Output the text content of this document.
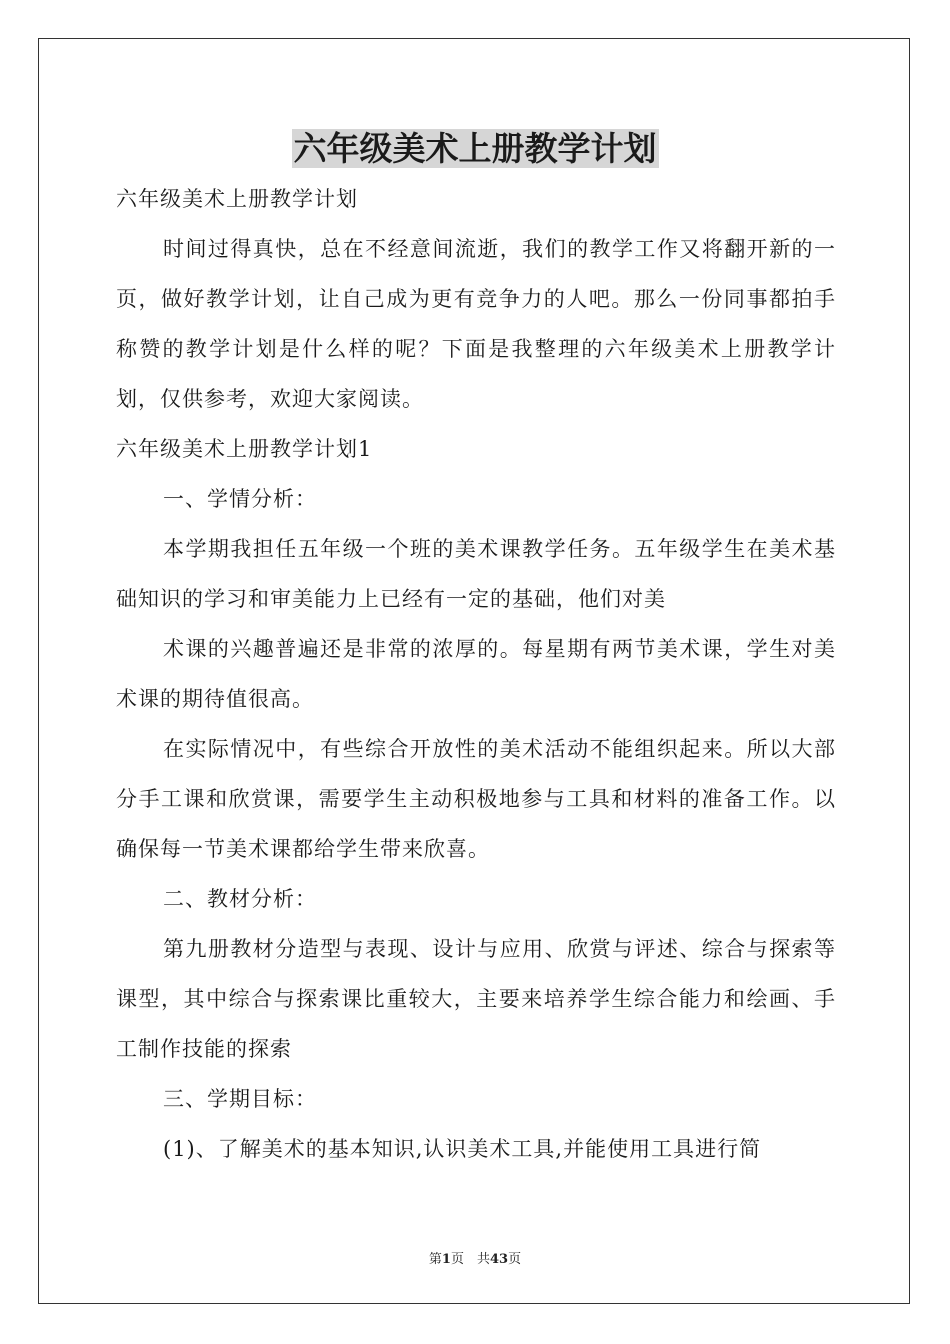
六年级美术上册教学计划

六年级美术上册教学计划

时间过得真快，总在不经意间流逝，我们的教学工作又将翻开新的一页，做好教学计划，让自己成为更有竞争力的人吧。那么一份同事都拍手称赞的教学计划是什么样的呢？下面是我整理的六年级美术上册教学计划，仅供参考，欢迎大家阅读。

六年级美术上册教学计划1

一、学情分析：

本学期我担任五年级一个班的美术课教学任务。五年级学生在美术基础知识的学习和审美能力上已经有一定的基础，他们对美

术课的兴趣普遍还是非常的浓厚的。每星期有两节美术课，学生对美术课的期待值很高。

在实际情况中，有些综合开放性的美术活动不能组织起来。所以大部分手工课和欣赏课，需要学生主动积极地参与工具和材料的准备工作。以确保每一节美术课都给学生带来欣喜。

二、教材分析：

第九册教材分造型与表现、设计与应用、欣赏与评述、综合与探索等课型，其中综合与探索课比重较大，主要来培养学生综合能力和绘画、手工制作技能的探索

三、学期目标：

(1)、了解美术的基本知识,认识美术工具,并能使用工具进行简

第1页　共43页
